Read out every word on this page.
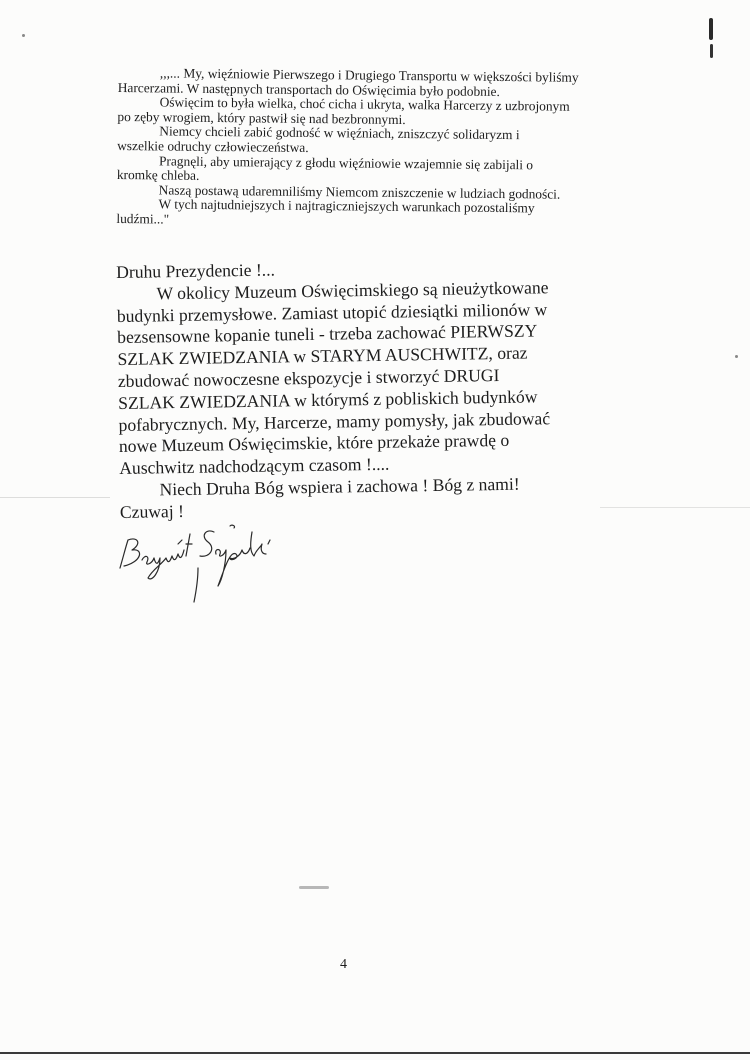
,,,... My, więźniowie Pierwszego i Drugiego Transportu w większości byliśmy

Harcerzami. W następnych transportach do Oświęcimia było podobnie.

Oświęcim to była wielka, choć cicha i ukryta, walka Harcerzy z uzbrojonym

po zęby wrogiem, który pastwił się nad bezbronnymi.

Niemcy chcieli zabić godność w więźniach, zniszczyć solidaryzm i

wszelkie odruchy człowieczeństwa.

Pragnęli, aby umierający z głodu więźniowie wzajemnie się zabijali o

kromkę chleba.

Naszą postawą udaremniliśmy Niemcom zniszczenie w ludziach godności.

W tych najtudniejszych i najtragiczniejszych warunkach pozostaliśmy

ludźmi..."

Druhu Prezydencie !...

W okolicy Muzeum Oświęcimskiego są nieużytkowane

budynki przemysłowe. Zamiast utopić dziesiątki milionów w

bezsensowne kopanie tuneli - trzeba zachować PIERWSZY

SZLAK ZWIEDZANIA w STARYM AUSCHWITZ, oraz

zbudować nowoczesne ekspozycje i stworzyć DRUGI

SZLAK ZWIEDZANIA w którymś z pobliskich budynków

pofabrycznych. My, Harcerze, mamy pomysły, jak zbudować

nowe Muzeum Oświęcimskie, które przekaże prawdę o

Auschwitz nadchodzącym czasom !....

Niech Druha Bóg wspiera i zachowa ! Bóg z nami!

Czuwaj !

4
